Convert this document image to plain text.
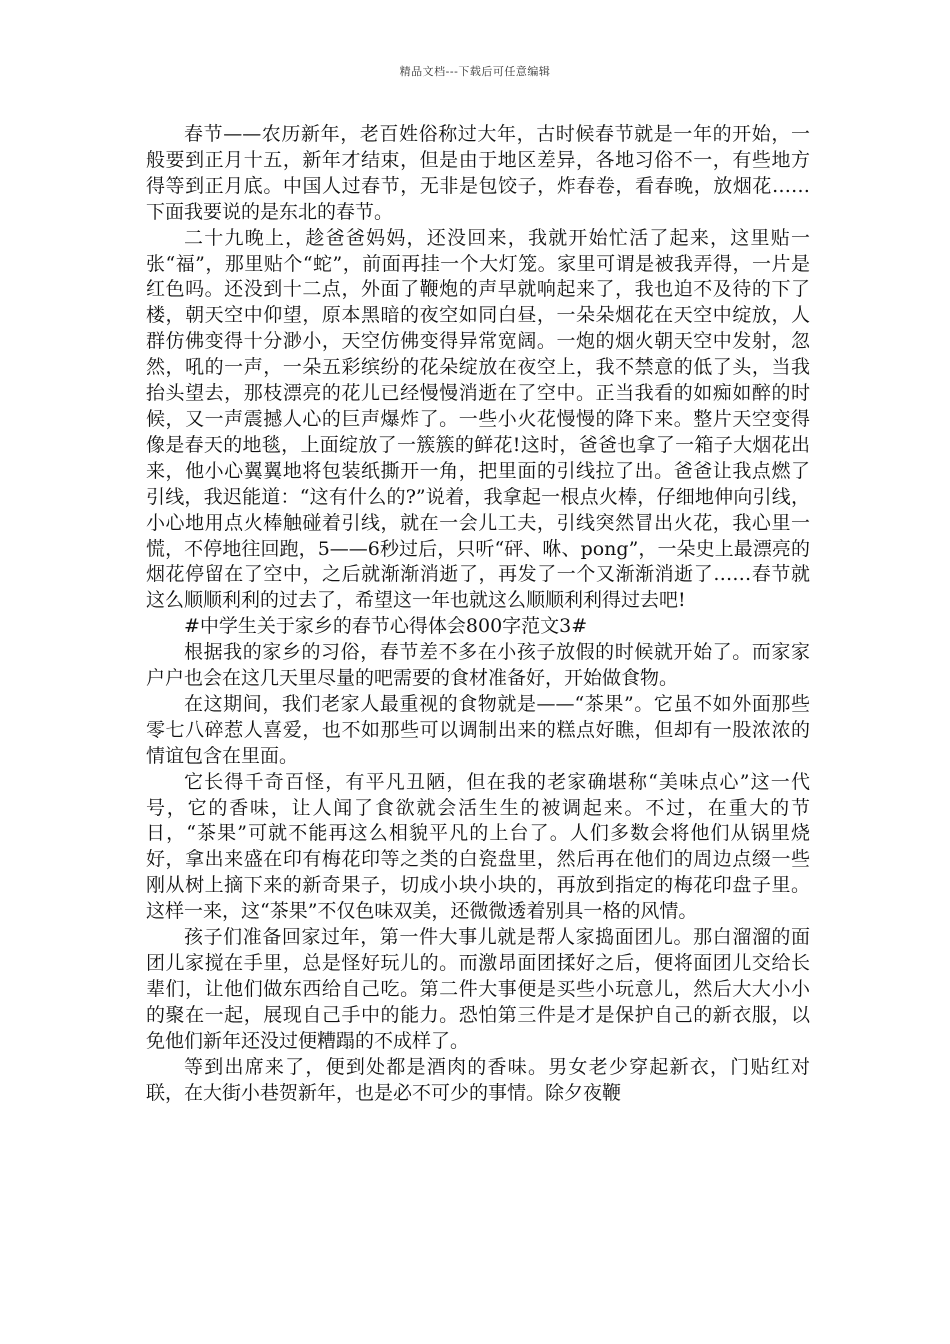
精品文档---下载后可任意编辑

春节——农历新年，老百姓俗称过大年，古时候春节就是一年的开始，一般要到正月十五，新年才结束，但是由于地区差异，各地习俗不一，有些地方得等到正月底。中国人过春节，无非是包饺子，炸春卷，看春晚，放烟花……下面我要说的是东北的春节。

二十九晚上，趁爸爸妈妈，还没回来，我就开始忙活了起来，这里贴一张“福”，那里贴个“蛇”，前面再挂一个大灯笼。家里可谓是被我弄得，一片是红色吗。还没到十二点，外面了鞭炮的声早就响起来了，我也迫不及待的下了楼，朝天空中仰望，原本黑暗的夜空如同白昼，一朵朵烟花在天空中绽放，人群仿佛变得十分渺小，天空仿佛变得异常宽阔。一炮的烟火朝天空中发射，忽然，吼的一声，一朵五彩缤纷的花朵绽放在夜空上，我不禁意的低了头，当我抬头望去，那枝漂亮的花儿已经慢慢消逝在了空中。正当我看的如痴如醉的时候，又一声震撼人心的巨声爆炸了。一些小火花慢慢的降下来。整片天空变得像是春天的地毯，上面绽放了一簇簇的鲜花!这时，爸爸也拿了一箱子大烟花出来，他小心翼翼地将包装纸撕开一角，把里面的引线拉了出。爸爸让我点燃了引线，我迟能道：“这有什么的?”说着，我拿起一根点火棒，仔细地伸向引线，小心地用点火棒触碰着引线，就在一会儿工夫，引线突然冒出火花，我心里一慌，不停地往回跑，5——6秒过后，只听“砰、咻、pong”，一朵史上最漂亮的烟花停留在了空中，之后就渐渐消逝了，再发了一个又渐渐消逝了……春节就这么顺顺利利的过去了，希望这一年也就这么顺顺利利得过去吧!

#中学生关于家乡的春节心得体会800字范文3#

根据我的家乡的习俗，春节差不多在小孩子放假的时候就开始了。而家家户户也会在这几天里尽量的吧需要的食材准备好，开始做食物。

在这期间，我们老家人最重视的食物就是——“茶果”。它虽不如外面那些零七八碎惹人喜爱，也不如那些可以调制出来的糕点好瞧，但却有一股浓浓的情谊包含在里面。

它长得千奇百怪，有平凡丑陋，但在我的老家确堪称“美味点心”这一代号，它的香味，让人闻了食欲就会活生生的被调起来。不过，在重大的节日，“茶果”可就不能再这么相貌平凡的上台了。人们多数会将他们从锅里烧好，拿出来盛在印有梅花印等之类的白瓷盘里，然后再在他们的周边点缀一些刚从树上摘下来的新奇果子，切成小块小块的，再放到指定的梅花印盘子里。这样一来，这“茶果”不仅色味双美，还微微透着别具一格的风情。

孩子们准备回家过年，第一件大事儿就是帮人家捣面团儿。那白溜溜的面团儿家搅在手里，总是怪好玩儿的。而激昂面团揉好之后，便将面团儿交给长辈们，让他们做东西给自己吃。第二件大事便是买些小玩意儿，然后大大小小的聚在一起，展现自己手中的能力。恐怕第三件是才是保护自己的新衣服，以免他们新年还没过便糟蹋的不成样了。

等到出席来了，便到处都是酒肉的香味。男女老少穿起新衣，门贴红对联，在大街小巷贺新年，也是必不可少的事情。除夕夜鞭
